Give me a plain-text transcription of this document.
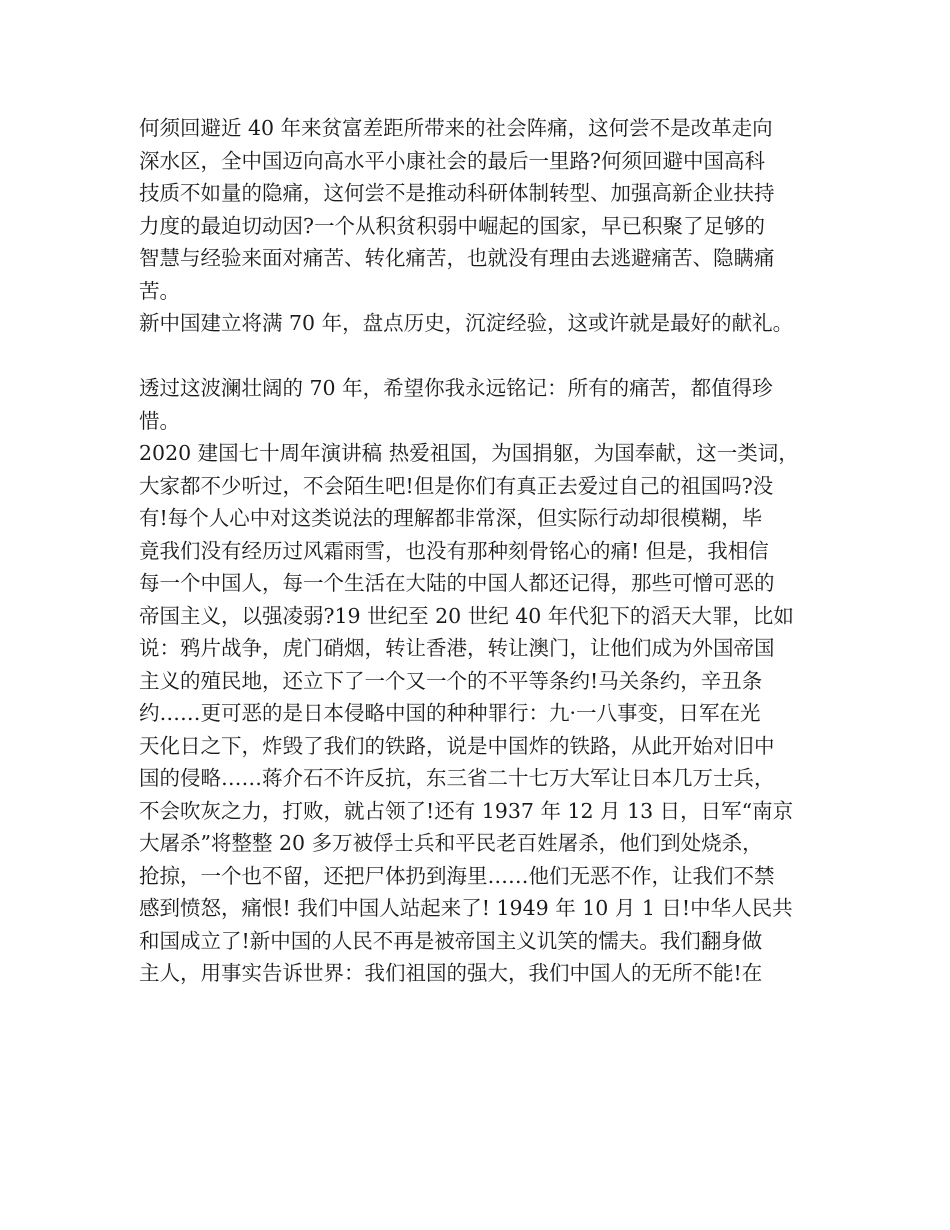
何须回避近 40 年来贫富差距所带来的社会阵痛，这何尝不是改革走向
深水区，全中国迈向高水平小康社会的最后一里路?何须回避中国高科
技质不如量的隐痛，这何尝不是推动科研体制转型、加强高新企业扶持
力度的最迫切动因?一个从积贫积弱中崛起的国家，早已积聚了足够的
智慧与经验来面对痛苦、转化痛苦，也就没有理由去逃避痛苦、隐瞒痛
苦。
新中国建立将满 70 年，盘点历史，沉淀经验，这或许就是最好的献礼。
透过这波澜壮阔的 70 年，希望你我永远铭记：所有的痛苦，都值得珍
惜。
2020 建国七十周年演讲稿 热爱祖国，为国捐躯，为国奉献，这一类词，
大家都不少听过，不会陌生吧!但是你们有真正去爱过自己的祖国吗?没
有!每个人心中对这类说法的理解都非常深，但实际行动却很模糊，毕
竟我们没有经历过风霜雨雪，也没有那种刻骨铭心的痛! 但是，我相信
每一个中国人，每一个生活在大陆的中国人都还记得，那些可憎可恶的
帝国主义，以强凌弱?19 世纪至 20 世纪 40 年代犯下的滔天大罪，比如
说：鸦片战争，虎门硝烟，转让香港，转让澳门，让他们成为外国帝国
主义的殖民地，还立下了一个又一个的不平等条约!马关条约，辛丑条
约……更可恶的是日本侵略中国的种种罪行：九·一八事变，日军在光
天化日之下，炸毁了我们的铁路，说是中国炸的铁路，从此开始对旧中
国的侵略……蒋介石不许反抗，东三省二十七万大军让日本几万士兵，
不会吹灰之力，打败，就占领了!还有 1937 年 12 月 13 日，日军“南京
大屠杀”将整整 20 多万被俘士兵和平民老百姓屠杀，他们到处烧杀，
抢掠，一个也不留，还把尸体扔到海里……他们无恶不作，让我们不禁
感到愤怒，痛恨! 我们中国人站起来了! 1949 年 10 月 1 日!中华人民共
和国成立了!新中国的人民不再是被帝国主义讥笑的懦夫。我们翻身做
主人，用事实告诉世界：我们祖国的强大，我们中国人的无所不能!在
